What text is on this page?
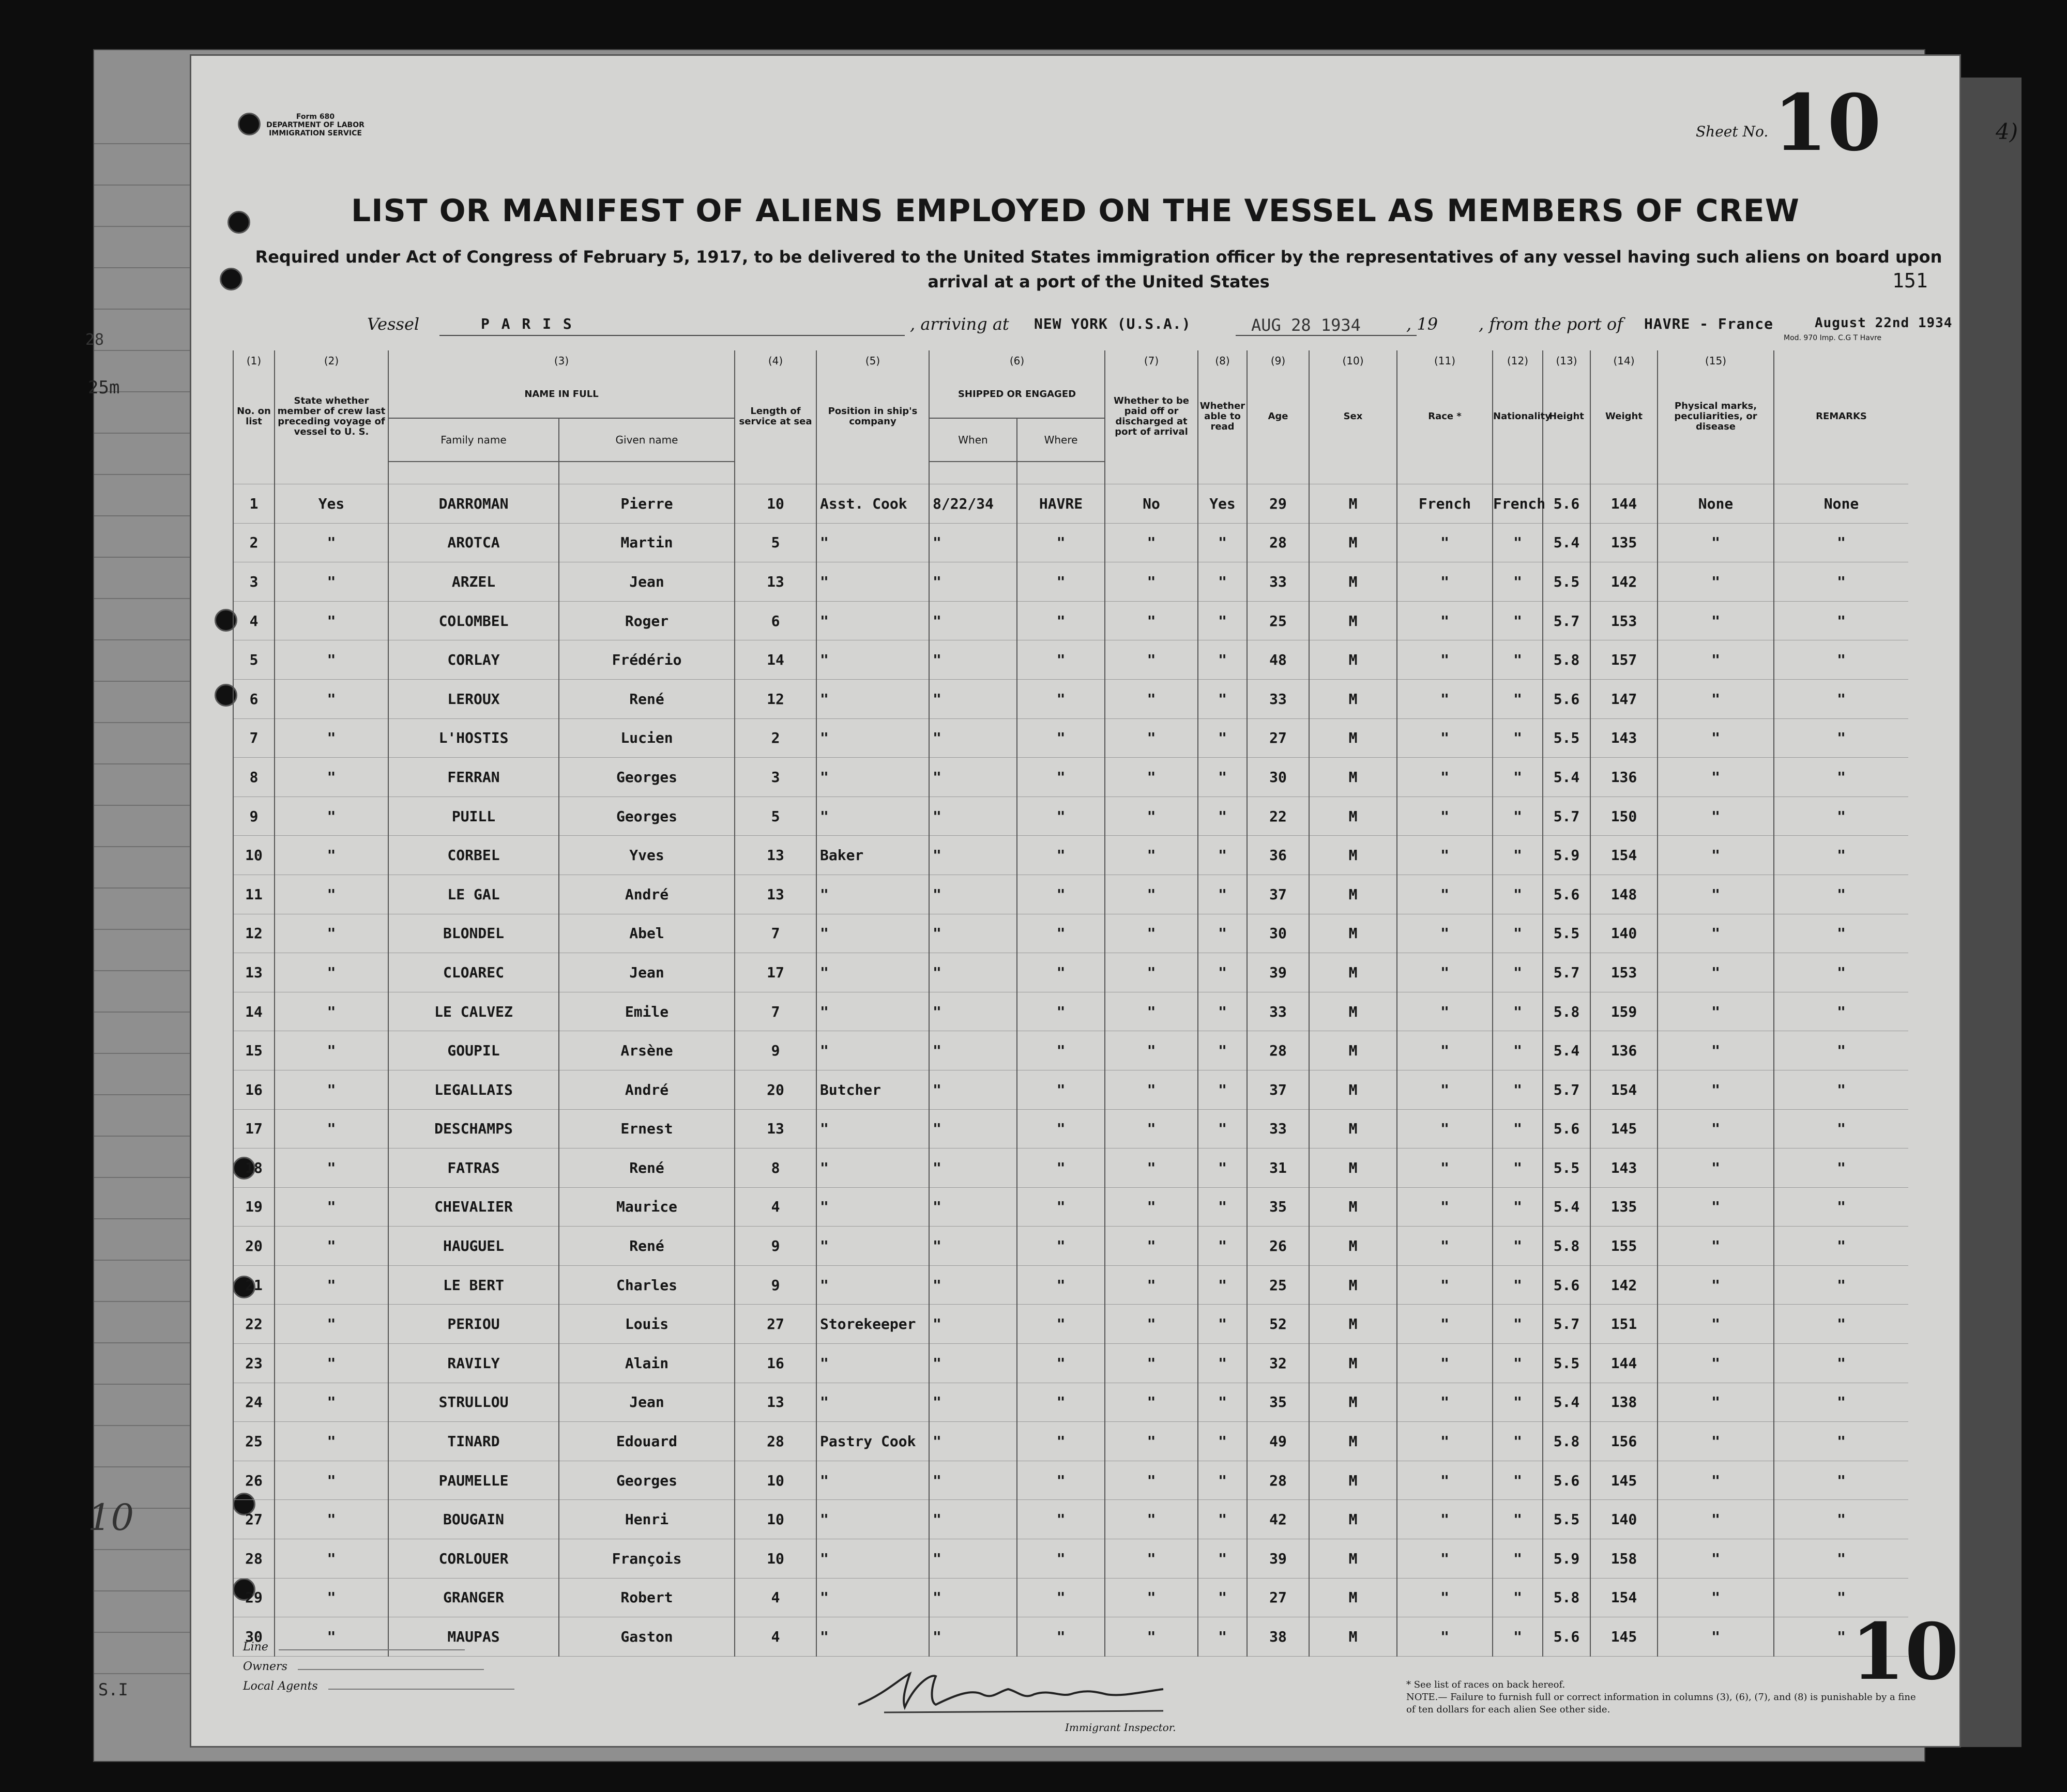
28
25m
S.I
4)
Form 680
DEPARTMENT OF LABOR
IMMIGRATION SERVICE	Sheet No. 10
LIST OR MANIFEST OF ALIENS EMPLOYED ON THE VESSEL AS MEMBERS OF CREW
Required under Act of Congress of February 5, 1917, to be delivered to the United States immigration officer by the representatives of any vessel having such aliens on board upon arrival at a port of the United States	151
Vessel	P A R I S	, arriving at NEW YORK (U.S.A.)	AUG 28 1934	, 19 , from the port of HAVRE - France	August 22nd 1934
Mod. 970 Imp. C.G T Havre
(1)	(2)	(3)		(4)	(5)	(6)		(7)	(8)	(9)	(10)	(11)	(12)	(13)	(14)	(15)	
No. on list	State whether member of crew last preceding voyage of vessel to U. S.	NAME IN FULL		Length of service at sea	Position in ship's company	SHIPPED OR ENGAGED		Whether to be paid off or discharged at port of arrival	Whether able to read	Age	Sex	Race *	Nationality	Height	Weight	Physical marks, peculiarities, or disease	REMARKS
		Family name	Given name			When	Where										

1	Yes	DARROMAN	Pierre	10	Asst. Cook	8/22/34	HAVRE	No	Yes	29	M	French	French	5.6	144	None	None
2	"	AROTCA	Martin	5	"	"	"	"	"	28	M	"	"	5.4	135	"	"
3	"	ARZEL	Jean	13	"	"	"	"	"	33	M	"	"	5.5	142	"	"
4	"	COLOMBEL	Roger	6	"	"	"	"	"	25	M	"	"	5.7	153	"	"
5	"	CORLAY	Frédério	14	"	"	"	"	"	48	M	"	"	5.8	157	"	"
6	"	LEROUX	René	12	"	"	"	"	"	33	M	"	"	5.6	147	"	"
7	"	L'HOSTIS	Lucien	2	"	"	"	"	"	27	M	"	"	5.5	143	"	"
8	"	FERRAN	Georges	3	"	"	"	"	"	30	M	"	"	5.4	136	"	"
9	"	PUILL	Georges	5	"	"	"	"	"	22	M	"	"	5.7	150	"	"
10	"	CORBEL	Yves	13	Baker	"	"	"	"	36	M	"	"	5.9	154	"	"
11	"	LE GAL	André	13	"	"	"	"	"	37	M	"	"	5.6	148	"	"
12	"	BLONDEL	Abel	7	"	"	"	"	"	30	M	"	"	5.5	140	"	"
13	"	CLOAREC	Jean	17	"	"	"	"	"	39	M	"	"	5.7	153	"	"
14	"	LE CALVEZ	Emile	7	"	"	"	"	"	33	M	"	"	5.8	159	"	"
15	"	GOUPIL	Arsène	9	"	"	"	"	"	28	M	"	"	5.4	136	"	"
16	"	LEGALLAIS	André	20	Butcher	"	"	"	"	37	M	"	"	5.7	154	"	"
17	"	DESCHAMPS	Ernest	13	"	"	"	"	"	33	M	"	"	5.6	145	"	"
18	"	FATRAS	René	8	"	"	"	"	"	31	M	"	"	5.5	143	"	"
19	"	CHEVALIER	Maurice	4	"	"	"	"	"	35	M	"	"	5.4	135	"	"
20	"	HAUGUEL	René	9	"	"	"	"	"	26	M	"	"	5.8	155	"	"
21	"	LE BERT	Charles	9	"	"	"	"	"	25	M	"	"	5.6	142	"	"
22	"	PERIOU	Louis	27	Storekeeper	"	"	"	"	52	M	"	"	5.7	151	"	"
23	"	RAVILY	Alain	16	"	"	"	"	"	32	M	"	"	5.5	144	"	"
24	"	STRULLOU	Jean	13	"	"	"	"	"	35	M	"	"	5.4	138	"	"
25	"	TINARD	Edouard	28	Pastry Cook	"	"	"	"	49	M	"	"	5.8	156	"	"
26	"	PAUMELLE	Georges	10	"	"	"	"	"	28	M	"	"	5.6	145	"	"
27	"	BOUGAIN	Henri	10	"	"	"	"	"	42	M	"	"	5.5	140	"	"
28	"	CORLOUER	François	10	"	"	"	"	"	39	M	"	"	5.9	158	"	"
29	"	GRANGER	Robert	4	"	"	"	"	"	27	M	"	"	5.8	154	"	"
30	"	MAUPAS	Gaston	4	"	"	"	"	"	38	M	"	"	5.6	145	"	"
Line
Owners
Local Agents
Immigrant Inspector.
* See list of races on back hereof.
NOTE.— Failure to furnish full or correct information in columns (3), (6), (7), and (8) is punishable by a fine of ten dollars for each alien See other side.
10
10
